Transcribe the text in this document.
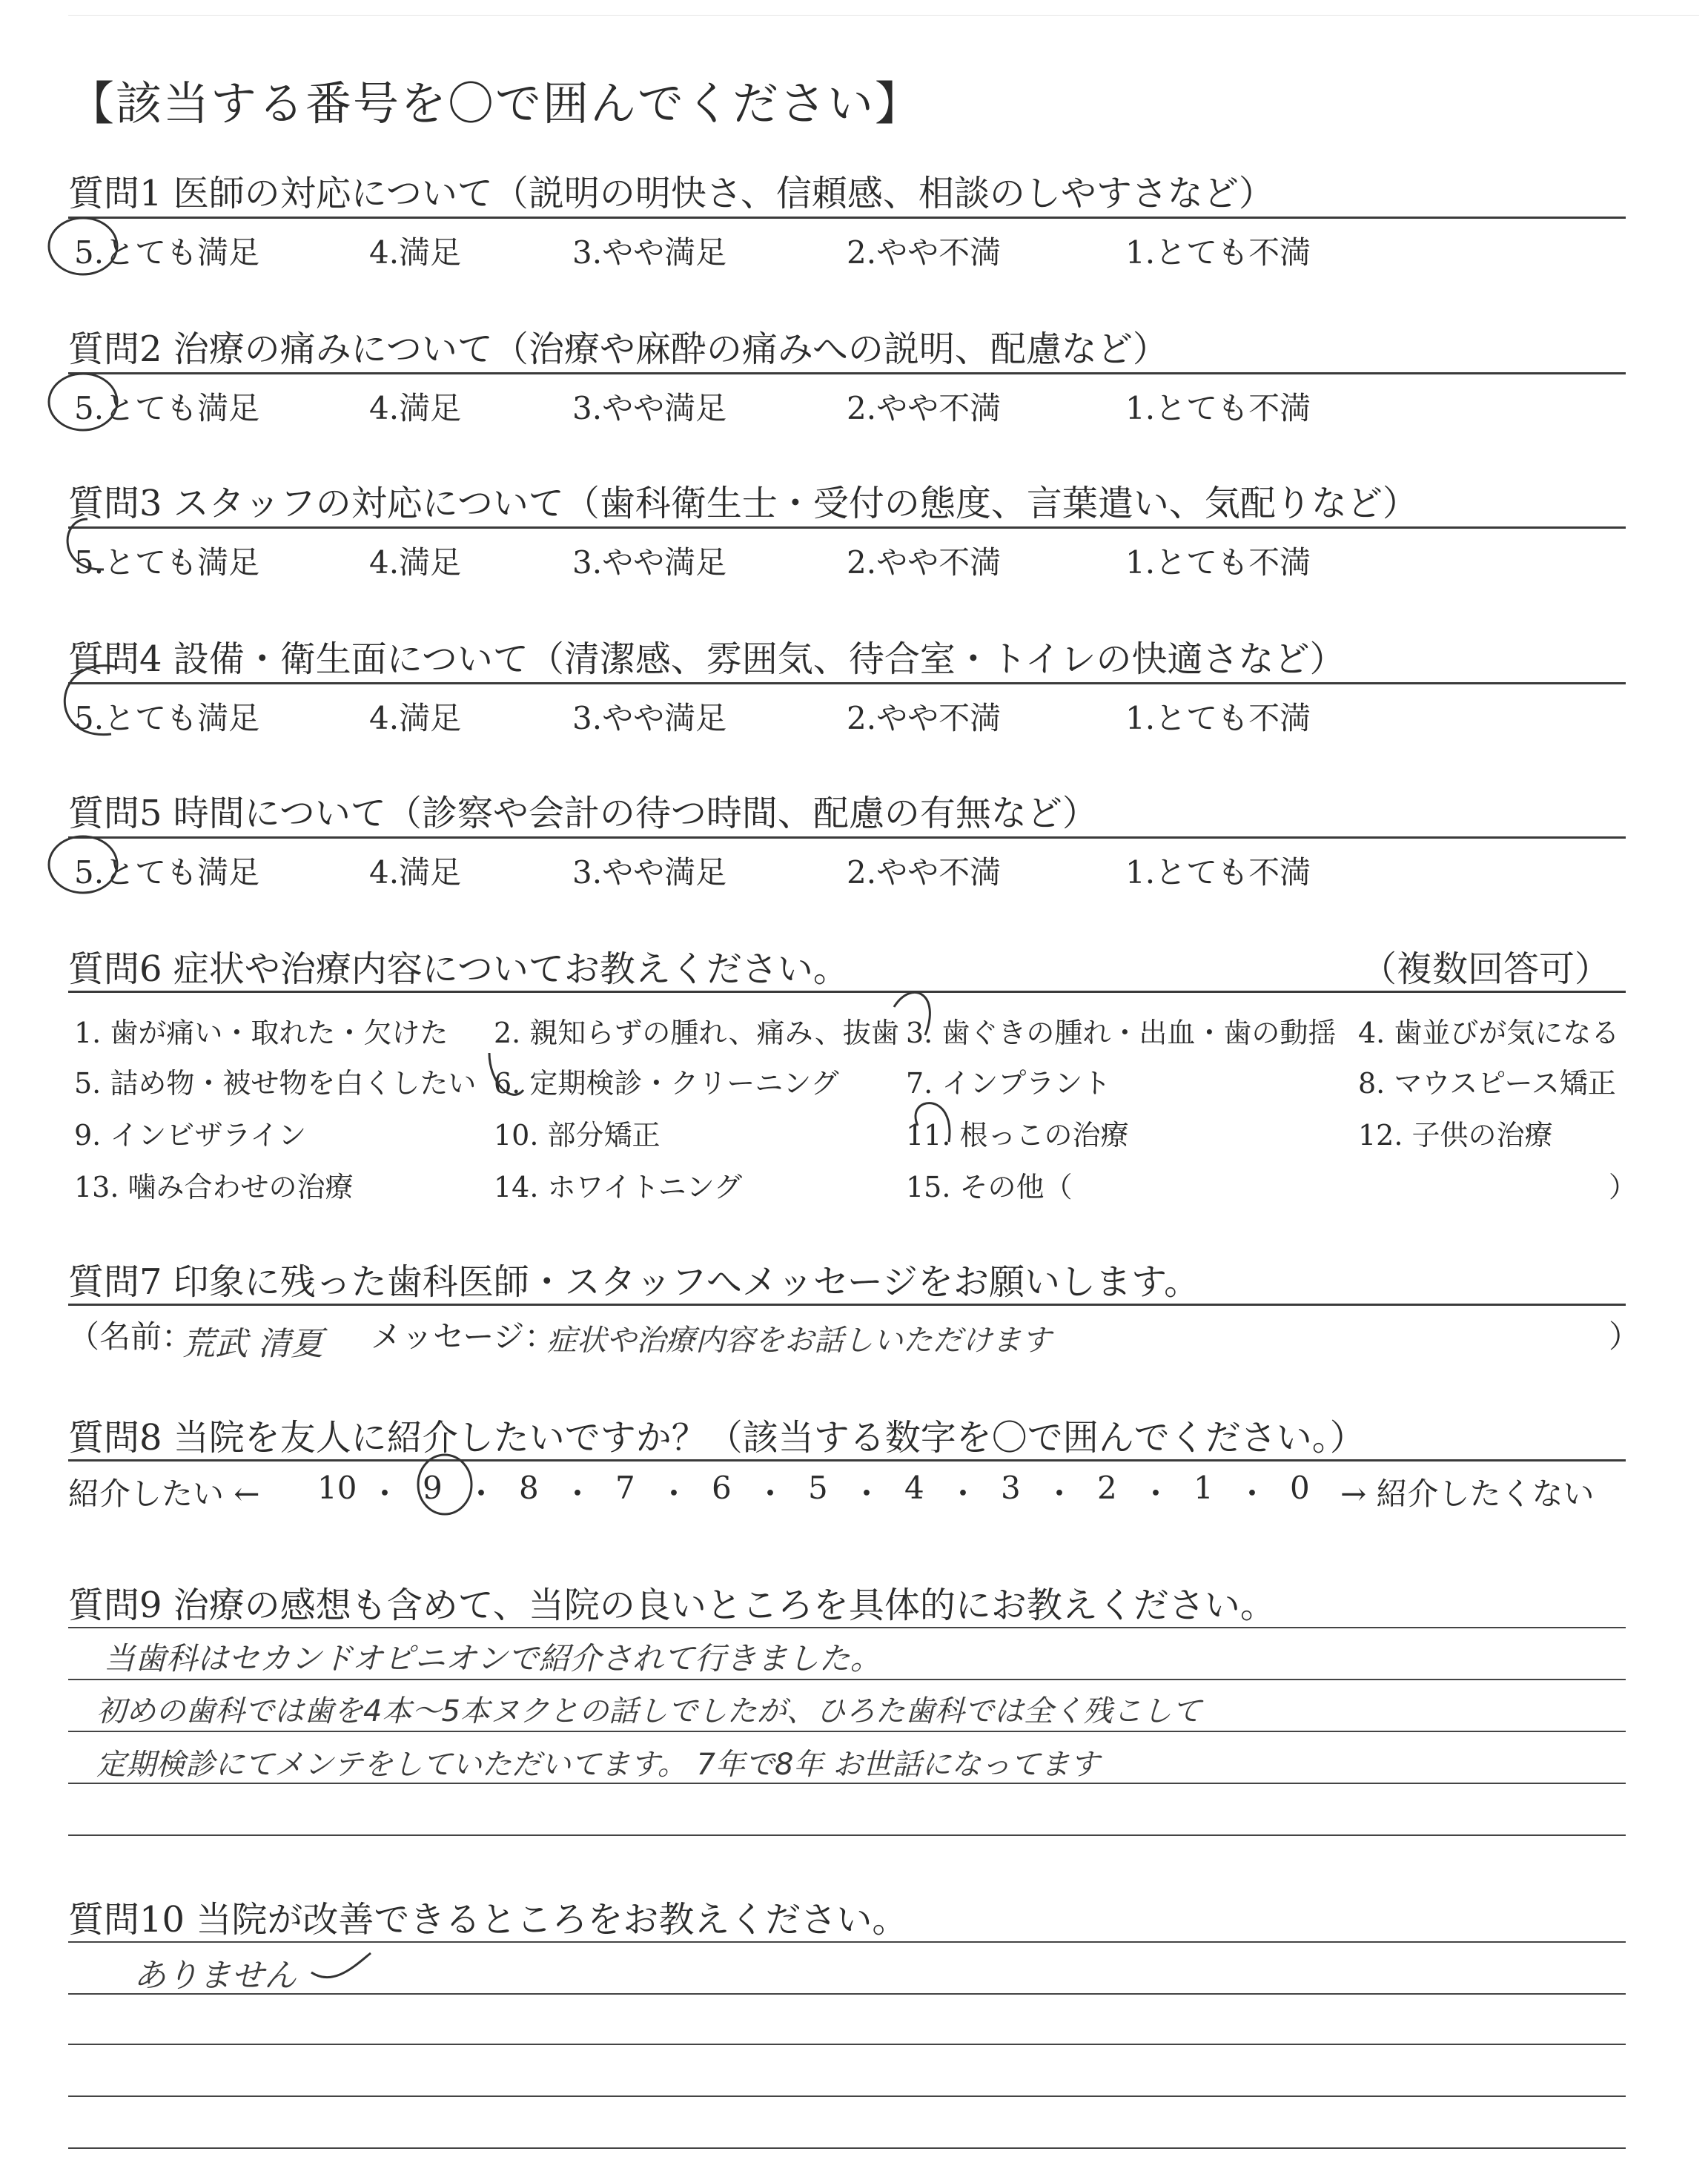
【該当する番号を〇で囲んでください】
質問1 医師の対応について（説明の明快さ、信頼感、相談のしやすさなど）
5.とても満足	4.満足	3.やや満足	2.やや不満	1.とても不満
質問2 治療の痛みについて（治療や麻酔の痛みへの説明、配慮など）
5.とても満足	4.満足	3.やや満足	2.やや不満	1.とても不満
質問3 スタッフの対応について（歯科衛生士・受付の態度、言葉遣い、気配りなど）
5.とても満足	4.満足	3.やや満足	2.やや不満	1.とても不満
質問4 設備・衛生面について（清潔感、雰囲気、待合室・トイレの快適さなど）
5.とても満足	4.満足	3.やや満足	2.やや不満	1.とても不満
質問5 時間について（診察や会計の待つ時間、配慮の有無など）
5.とても満足	4.満足	3.やや満足	2.やや不満	1.とても不満
質問6 症状や治療内容についてお教えください。	（複数回答可）
1. 歯が痛い・取れた・欠けた 2. 親知らずの腫れ、痛み、抜歯 3. 歯ぐきの腫れ・出血・歯の動揺 4. 歯並びが気になる
5. 詰め物・被せ物を白くしたい 6. 定期検診・クリーニング 7. インプラント	8. マウスピース矯正
9. インビザライン	10. 部分矯正	11. 根っこの治療	12. 子供の治療
13. 噛み合わせの治療	14. ホワイトニング	15. その他（	）
質問7 印象に残った歯科医師・スタッフへメッセージをお願いします。
（名前：
荒武 清夏 メッセージ：
症状や治療内容をお話しいただけます	）
質問8 当院を友人に紹介したいですか？（該当する数字を〇で囲んでください。）
紹介したい ←	→ 紹介したくない
10 ・ 9 ・ 8 ・ 7 ・ 6 ・ 5 ・ 4 ・ 3 ・ 2 ・ 1 ・ 0
質問9 治療の感想も含めて、当院の良いところを具体的にお教えください。
当歯科はセカンドオピニオンで紹介されて行きました。
初めの歯科では歯を4本〜5本ヌクとの話しでしたが、ひろた歯科では全く残こして
定期検診にてメンテをしていただいてます。 7年で8年 お世話になってます
質問10 当院が改善できるところをお教えください。
ありません
